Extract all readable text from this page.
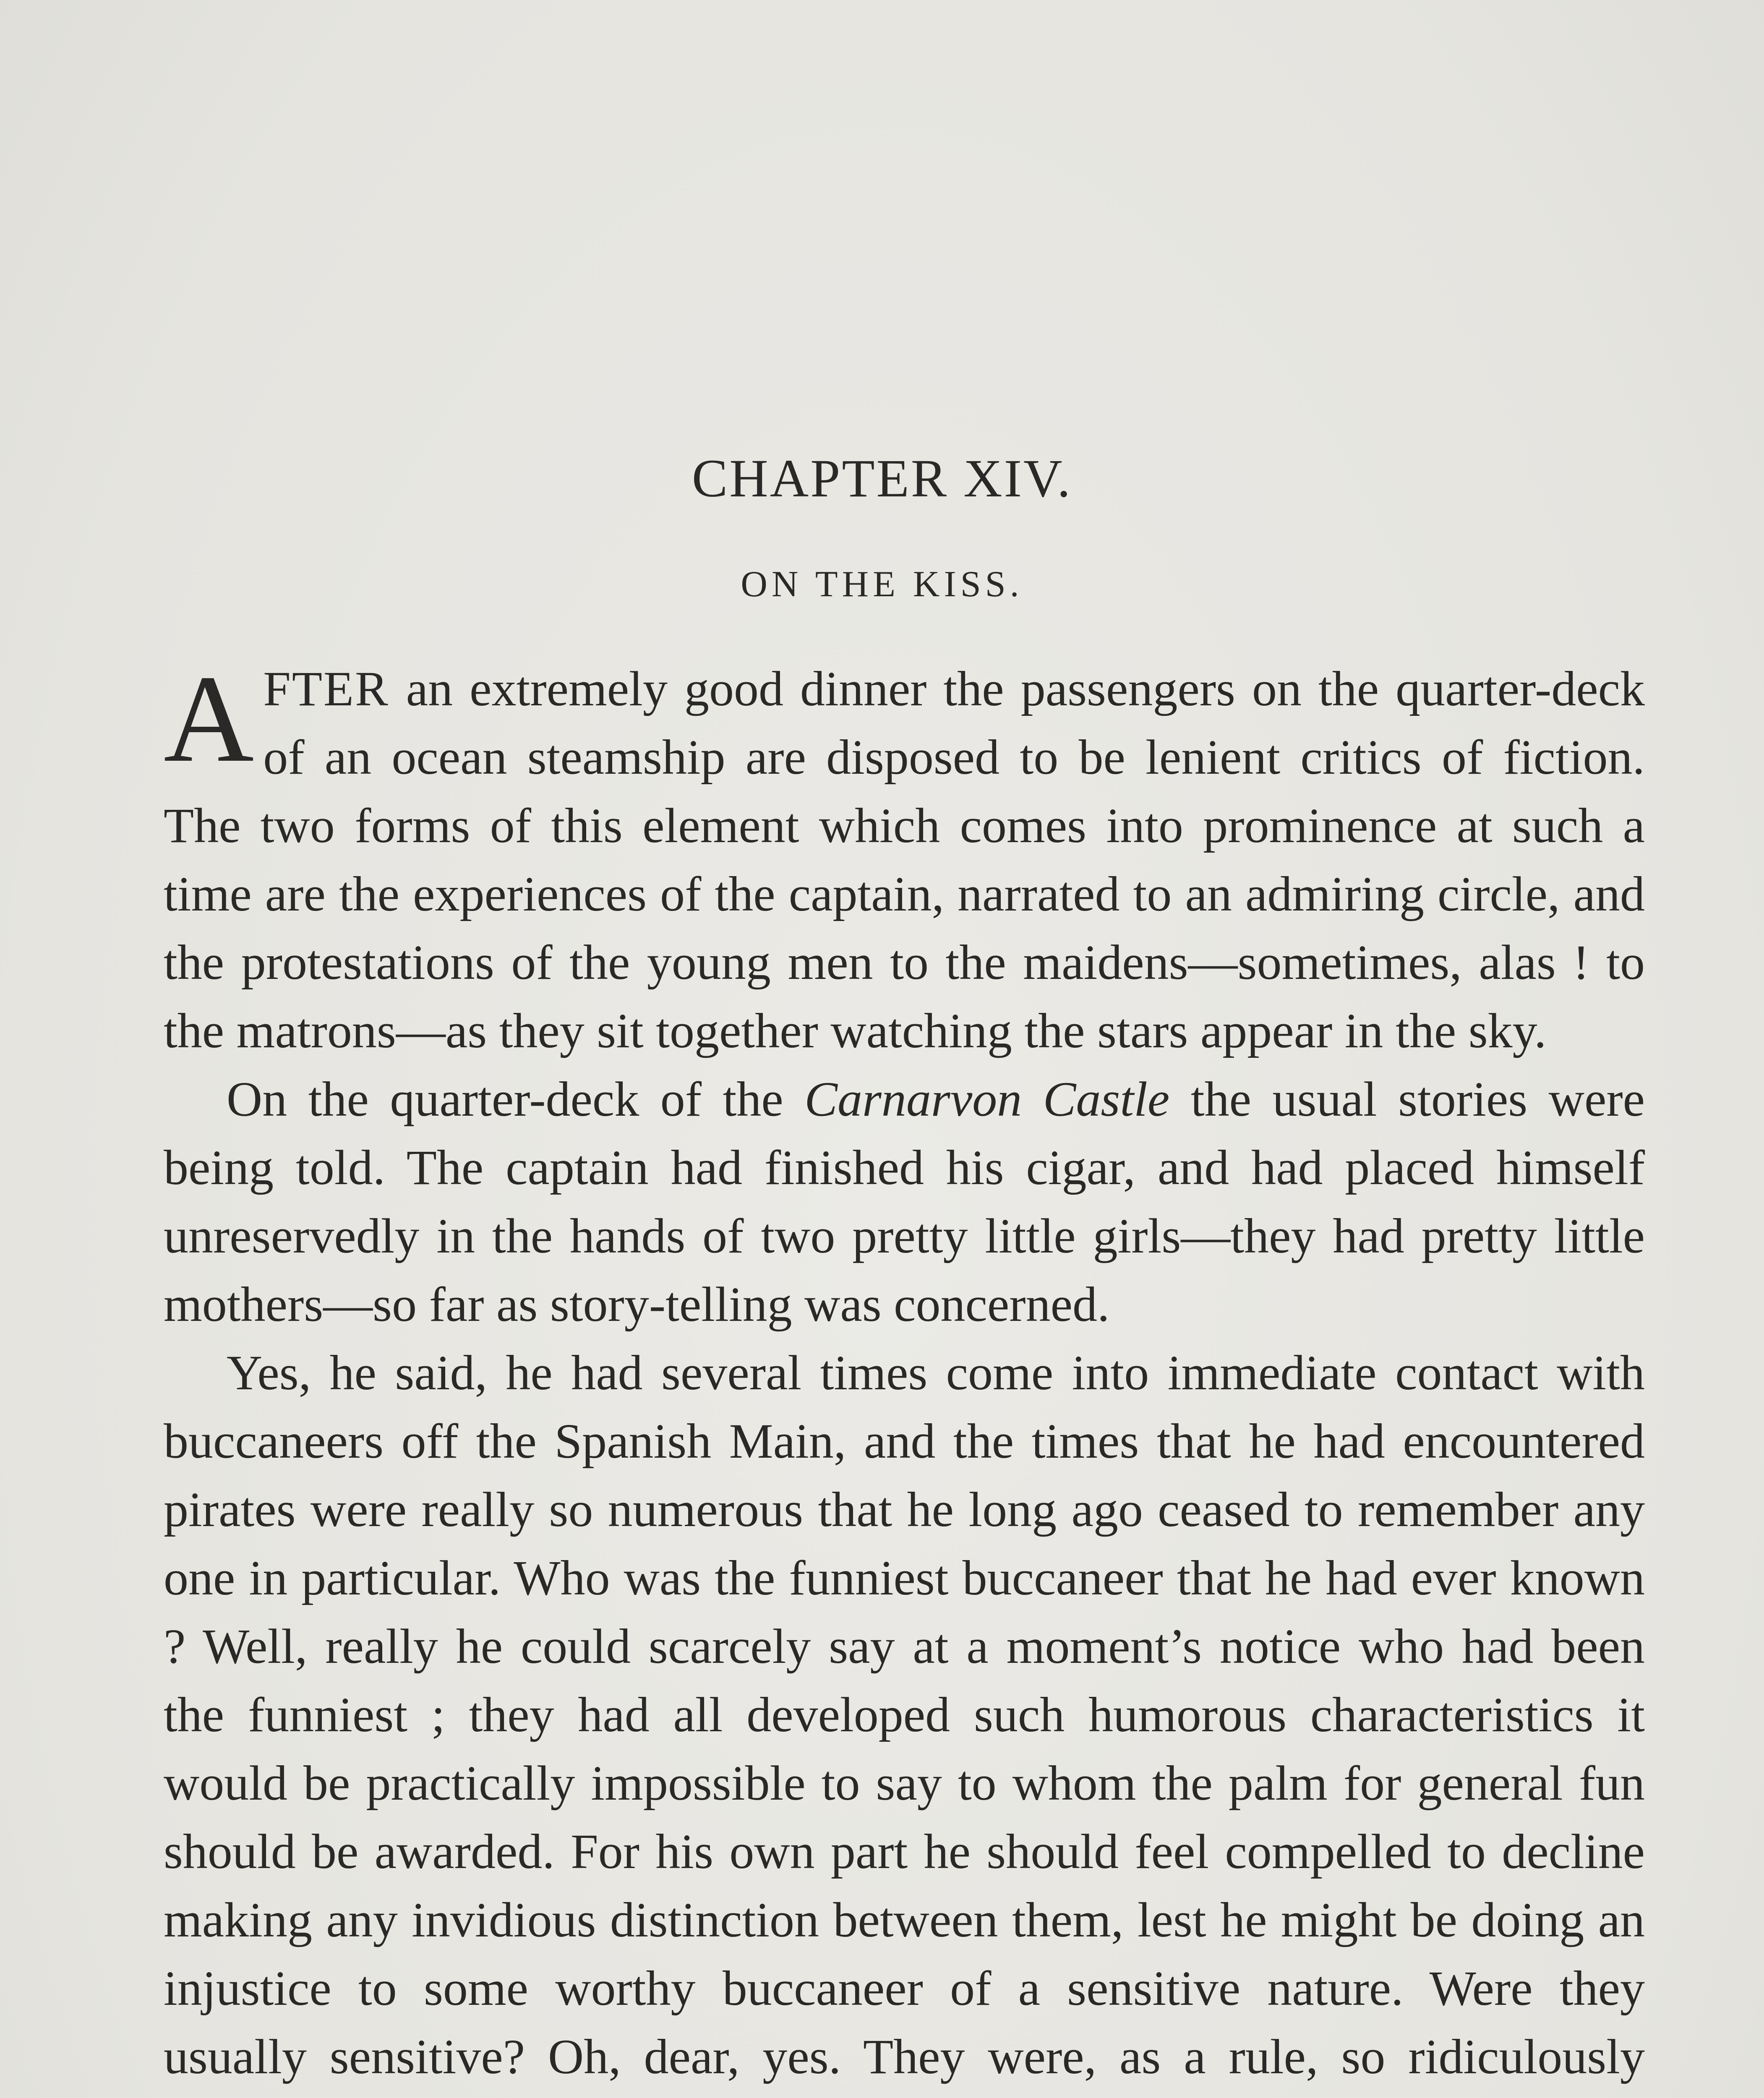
CHAPTER XIV.
ON THE KISS.

AFTER an extremely good dinner the passengers on the quarter-deck of an ocean steamship are disposed to be lenient critics of fiction. The two forms of this element which comes into prominence at such a time are the experiences of the captain, narrated to an admiring circle, and the protestations of the young men to the maidens—sometimes, alas ! to the matrons—as they sit together watching the stars appear in the sky.

On the quarter-deck of the Carnarvon Castle the usual stories were being told. The captain had finished his cigar, and had placed himself unreservedly in the hands of two pretty little girls—they had pretty little mothers—so far as story-telling was concerned.

Yes, he said, he had several times come into immediate contact with buccaneers off the Spanish Main, and the times that he had encountered pirates were really so numerous that he long ago ceased to remember any one in particular. Who was the funniest buccaneer that he had ever known ? Well, really he could scarcely say at a moment’s notice who had been the funniest ; they had all developed such humorous characteristics it would be practically impossible to say to whom the palm for general fun should be awarded. For his own part he should feel compelled to decline making any invidious distinction between them, lest he might be doing an injustice to some worthy buccaneer of a sensitive nature. Were they usually sensitive? Oh, dear, yes. They were, as a rule, so ridiculously
